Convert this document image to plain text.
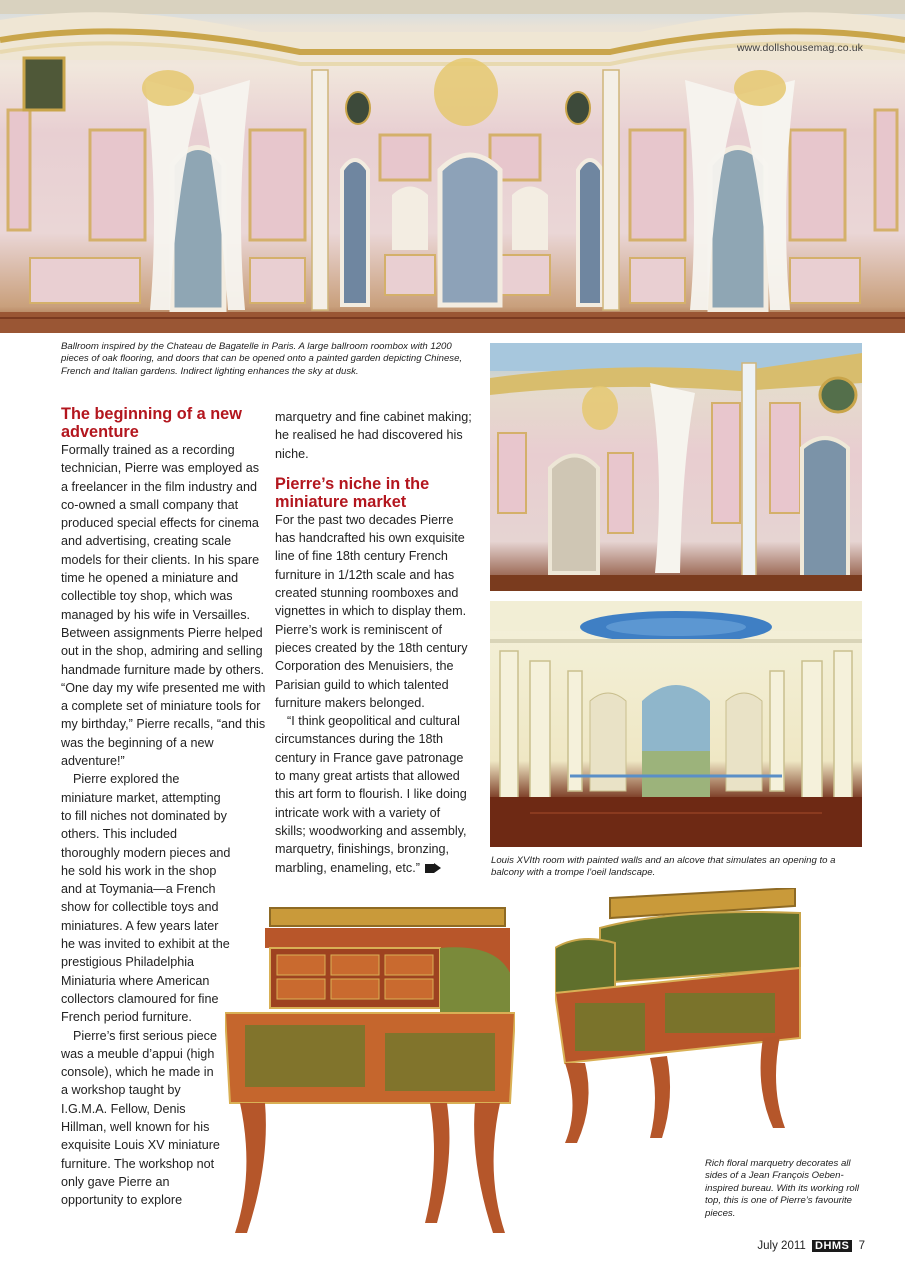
www.dollshousemag.co.uk
Ballroom inspired by the Chateau de Bagatelle in Paris. A large ballroom roombox with 1200 pieces of oak flooring, and doors that can be opened onto a painted garden depicting Chinese, French and Italian gardens. Indirect lighting enhances the sky at dusk.
Louis XVIth room with painted walls and an alcove that simulates an opening to a balcony with a trompe l’oeil landscape.
Rich floral marquetry decorates all sides of a Jean François Oeben-inspired bureau. With its working roll top, this is one of Pierre’s favourite pieces.
The beginning of a new adventure

Formally trained as a recording technician, Pierre was employed as a freelancer in the film industry and co-owned a small company that produced special effects for cinema and advertising, creating scale models for their clients. In his spare time he opened a miniature and collectible toy shop, which was managed by his wife in Versailles. Between assignments Pierre helped out in the shop, admiring and selling handmade furniture made by others. “One day my wife presented me with a complete set of miniature tools for my birthday,” Pierre recalls, “and this was the beginning of a new adventure!”

Pierre explored the miniature market, attempting to fill niches not dominated by others. This included thoroughly modern pieces and he sold his work in the shop and at Toymania—a French show for collectible toys and miniatures. A few years later he was invited to exhibit at the prestigious Philadelphia Miniaturia where American collectors clamoured for fine French period furniture.

Pierre’s first serious piece was a meuble d’appui (high console), which he made in a workshop taught by I.G.M.A. Fellow, Denis Hillman, well known for his exquisite Louis XV miniature furniture. The workshop not only gave Pierre an opportunity to explore

marquetry and fine cabinet making; he realised he had discovered his niche.

Pierre’s niche in the miniature market

For the past two decades Pierre has handcrafted his own exquisite line of fine 18th century French furniture in 1/12th scale and has created stunning roomboxes and vignettes in which to display them. Pierre’s work is reminiscent of pieces created by the 18th century Corporation des Menuisiers, the Parisian guild to which talented furniture makers belonged.

“I think geopolitical and cultural circumstances during the 18th century in France gave patronage to many great artists that allowed this art form to flourish. I like doing intricate work with a variety of skills; woodworking and assembly, marquetry, finishings, bronzing, marbling, enameling, etc.”	DH

July 2011 DHMS 7
